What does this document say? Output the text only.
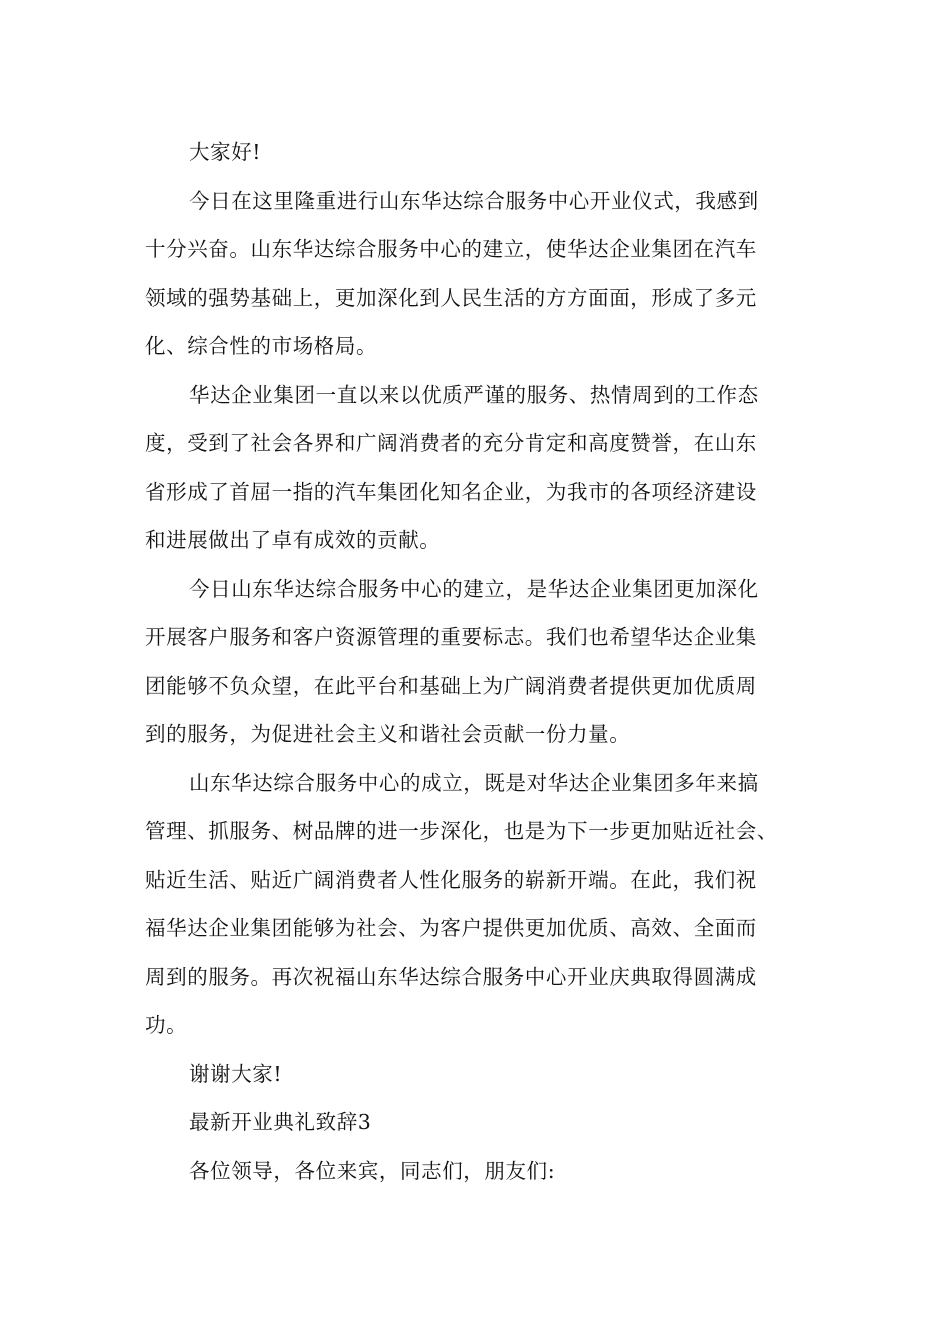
大家好!
今日在这里隆重进行山东华达综合服务中心开业仪式，我感到
十分兴奋。山东华达综合服务中心的建立，使华达企业集团在汽车
领域的强势基础上，更加深化到人民生活的方方面面，形成了多元
化、综合性的市场格局。
华达企业集团一直以来以优质严谨的服务、热情周到的工作态
度，受到了社会各界和广阔消费者的充分肯定和高度赞誉，在山东
省形成了首屈一指的汽车集团化知名企业，为我市的各项经济建设
和进展做出了卓有成效的贡献。
今日山东华达综合服务中心的建立，是华达企业集团更加深化
开展客户服务和客户资源管理的重要标志。我们也希望华达企业集
团能够不负众望，在此平台和基础上为广阔消费者提供更加优质周
到的服务，为促进社会主义和谐社会贡献一份力量。
山东华达综合服务中心的成立，既是对华达企业集团多年来搞
管理、抓服务、树品牌的进一步深化，也是为下一步更加贴近社会、
贴近生活、贴近广阔消费者人性化服务的崭新开端。在此，我们祝
福华达企业集团能够为社会、为客户提供更加优质、高效、全面而
周到的服务。再次祝福山东华达综合服务中心开业庆典取得圆满成
功。
谢谢大家!
最新开业典礼致辞3
各位领导，各位来宾，同志们，朋友们:
